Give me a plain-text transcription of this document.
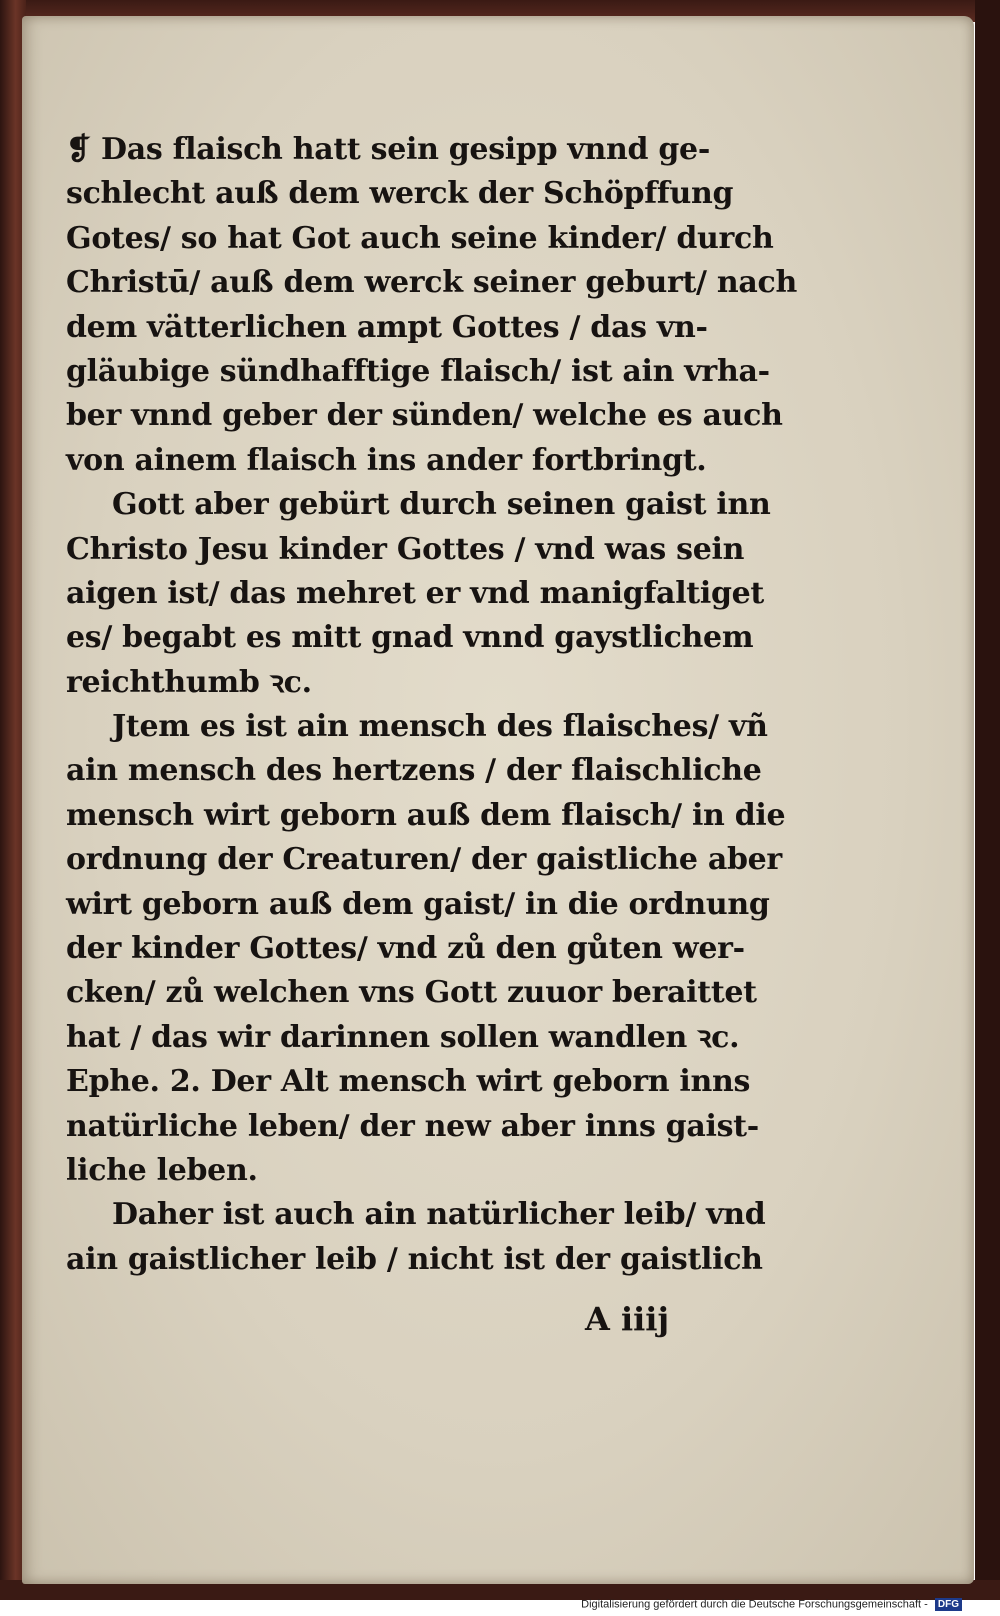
❡ Das flaisch hatt sein gesipp vnnd ge-
schlecht auß dem werck der Schöpffung
Gotes/ so hat Got auch seine kinder/ durch
Christū/ auß dem werck seiner geburt/ nach
dem vätterlichen ampt Gottes / das vn-
gläubige sündhafftige flaisch/ ist ain vrha-
ber vnnd geber der sünden/ welche es auch
von ainem flaisch ins ander fortbringt.
Gott aber gebürt durch seinen gaist inn
Christo Jesu kinder Gottes / vnd was sein
aigen ist/ das mehret er vnd manigfaltiget
es/ begabt es mitt gnad vnnd gaystlichem
reichthumb ꝛc.
Jtem es ist ain mensch des flaisches/ vñ
ain mensch des hertzens / der flaischliche
mensch wirt geborn auß dem flaisch/ in die
ordnung der Creaturen/ der gaistliche aber
wirt geborn auß dem gaist/ in die ordnung
der kinder Gottes/ vnd zů den gůten wer-
cken/ zů welchen vns Gott zuuor beraittet
hat / das wir darinnen sollen wandlen ꝛc.
Ephe. 2. Der Alt mensch wirt geborn inns
natürliche leben/ der new aber inns gaist-
liche leben.
Daher ist auch ain natürlicher leib/ vnd
ain gaistlicher leib / nicht ist der gaistlich
A iiij
Digitalisierung gefördert durch die Deutsche Forschungsgemeinschaft - DFG
